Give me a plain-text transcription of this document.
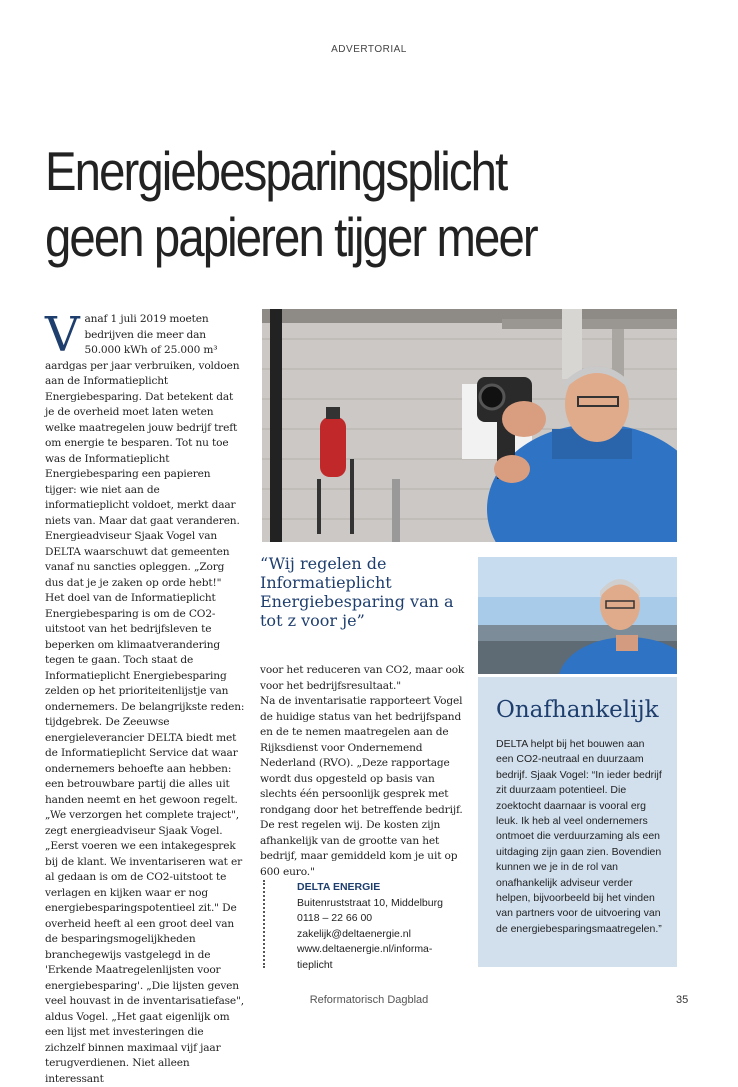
ADVERTORIAL
Energiebesparingsplicht
geen papieren tijger meer
V anaf 1 juli 2019 moeten bedrijven die meer dan 50.000 kWh of 25.000 m³ aardgas per jaar verbruiken, voldoen aan de Informatieplicht Energiebesparing. Dat betekent dat je de overheid moet laten weten welke maatregelen jouw bedrijf treft om energie te besparen. Tot nu toe was de Informatieplicht Energiebesparing een papieren tijger: wie niet aan de informatieplicht voldoet, merkt daar niets van. Maar dat gaat veranderen. Energieadviseur Sjaak Vogel van DELTA waarschuwt dat gemeenten vanaf nu sancties opleggen. „Zorg dus dat je je zaken op orde hebt!"

Het doel van de Informatieplicht Energiebesparing is om de CO2-uitstoot van het bedrijfsleven te beperken om klimaatverandering tegen te gaan. Toch staat de Informatieplicht Energiebesparing zelden op het prioriteitenlijstje van ondernemers. De belangrijkste reden: tijdgebrek. De Zeeuwse energieleverancier DELTA biedt met de Informatieplicht Service dat waar ondernemers behoefte aan hebben: een betrouwbare partij die alles uit handen neemt en het gewoon regelt.

„We verzorgen het complete traject", zegt energieadviseur Sjaak Vogel. „Eerst voeren we een intakegesprek bij de klant. We inventariseren wat er al gedaan is om de CO2-uitstoot te verlagen en kijken waar er nog energiebesparingspotentieel zit." De overheid heeft al een groot deel van de besparingsmogelijkheden branchegewijs vastgelegd in de 'Erkende Maatregelenlijsten voor energiebesparing'. „Die lijsten geven veel houvast in de inventarisatiefase", aldus Vogel. „Het gaat eigenlijk om een lijst met investeringen die zichzelf binnen maximaal vijf jaar terugverdienen. Niet alleen interessant

“Wij regelen de Informatieplicht Energiebesparing van a tot z voor je”

voor het reduceren van CO2, maar ook voor het bedrijfsresultaat."

Na de inventarisatie rapporteert Vogel de huidige status van het bedrijfspand en de te nemen maatregelen aan de Rijksdienst voor Ondernemend Nederland (RVO). „Deze rapportage wordt dus opgesteld op basis van slechts één persoonlijk gesprek met rondgang door het betreffende bedrijf. De rest regelen wij. De kosten zijn afhankelijk van de grootte van het bedrijf, maar gemiddeld kom je uit op 600 euro."

DELTA ENERGIE
Buitenruststraat 10, Middelburg
0118 – 22 66 00
zakelijk@deltaenergie.nl
www.deltaenergie.nl/informa-
tieplicht
Onafhankelijk
DELTA helpt bij het bouwen aan een CO2-neutraal en duurzaam bedrijf. Sjaak Vogel: “In ieder bedrijf zit duurzaam potentieel. Die zoektocht daarnaar is vooral erg leuk. Ik heb al veel ondernemers ontmoet die verduurzaming als een uitdaging zijn gaan zien. Bovendien kunnen we je in de rol van onafhankelijk adviseur verder helpen, bijvoorbeeld bij het vinden van partners voor de uitvoering van de energiebesparingsmaatregelen.”
Reformatorisch Dagblad	35
